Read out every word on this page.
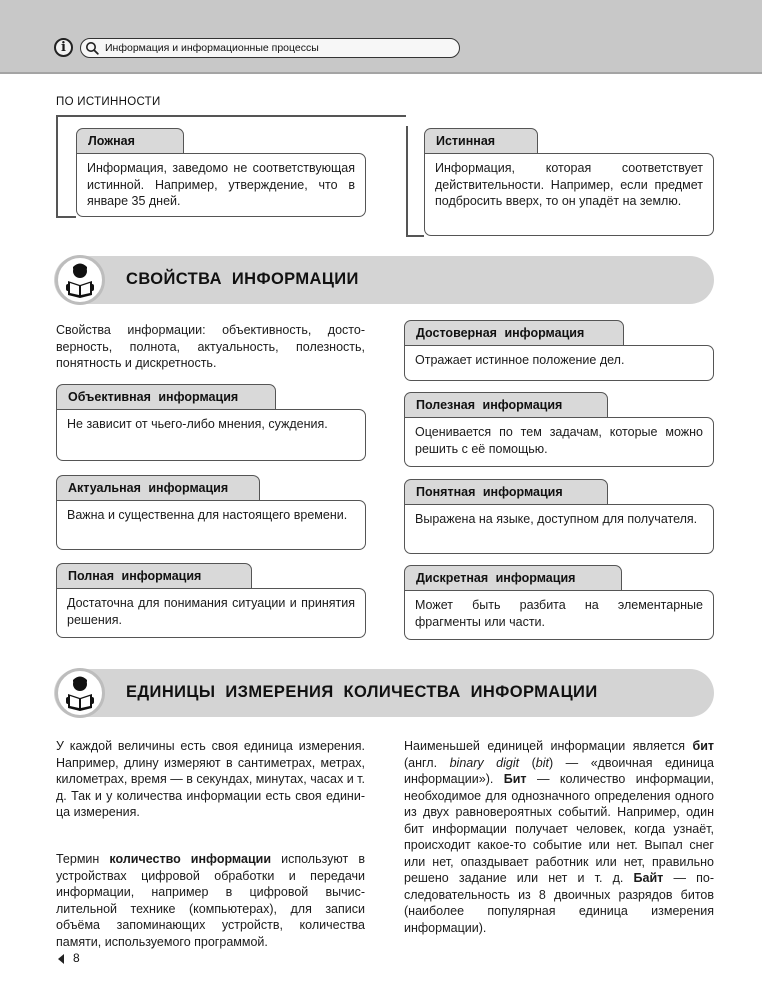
i	Информация и информационные процессы
ПО ИСТИННОСТИ
Ложная
Информация, заведомо не соответствующая истинной. Например, утверждение, что в январе 35 дней.
Истинная
Информация, которая соответствует действительности. Например, если предмет подбросить вверх, то он упадёт на землю.
СВОЙСТВА ИНФОРМАЦИИ
Свойства информации: объективность, достоверность, полнота, актуальность, полезность, понятность и дискретность.
Объективная информация
Не зависит от чьего-либо мнения, суждения.
Актуальная информация
Важна и существенна для настоящего времени.
Полная информация
Достаточна для понимания ситуации и принятия решения.
Достоверная информация
Отражает истинное положение дел.
Полезная информация
Оценивается по тем задачам, которые можно решить с её помощью.
Понятная информация
Выражена на языке, доступном для получателя.
Дискретная информация
Может быть разбита на элементарные фрагменты или части.
ЕДИНИЦЫ ИЗМЕРЕНИЯ КОЛИЧЕСТВА ИНФОРМАЦИИ
У каждой величины есть своя единица измерения. Например, длину измеряют в сантиметрах, метрах, километрах, время — в секундах, минутах, часах и т. д. Так и у количества информации есть своя единица измерения.
Термин количество информации используют в устройствах цифровой обработки и передачи информации, например в цифровой вычислительной технике (компьютерах), для записи объёма запоминающих устройств, количества памяти, используемого программой.
Наименьшей единицей информации является бит (англ. binary digit (bit) — «двоичная единица информации»). Бит — количество информации, необходимое для однозначного определения одного из двух равновероятных событий. Например, один бит информации получает человек, когда узнаёт, происходит какое-то событие или нет. Выпал снег или нет, опаздывает работник или нет, правильно решено задание или нет и т. д. Байт — последовательность из 8 двоичных разрядов битов (наиболее популярная единица измерения информации).
8
